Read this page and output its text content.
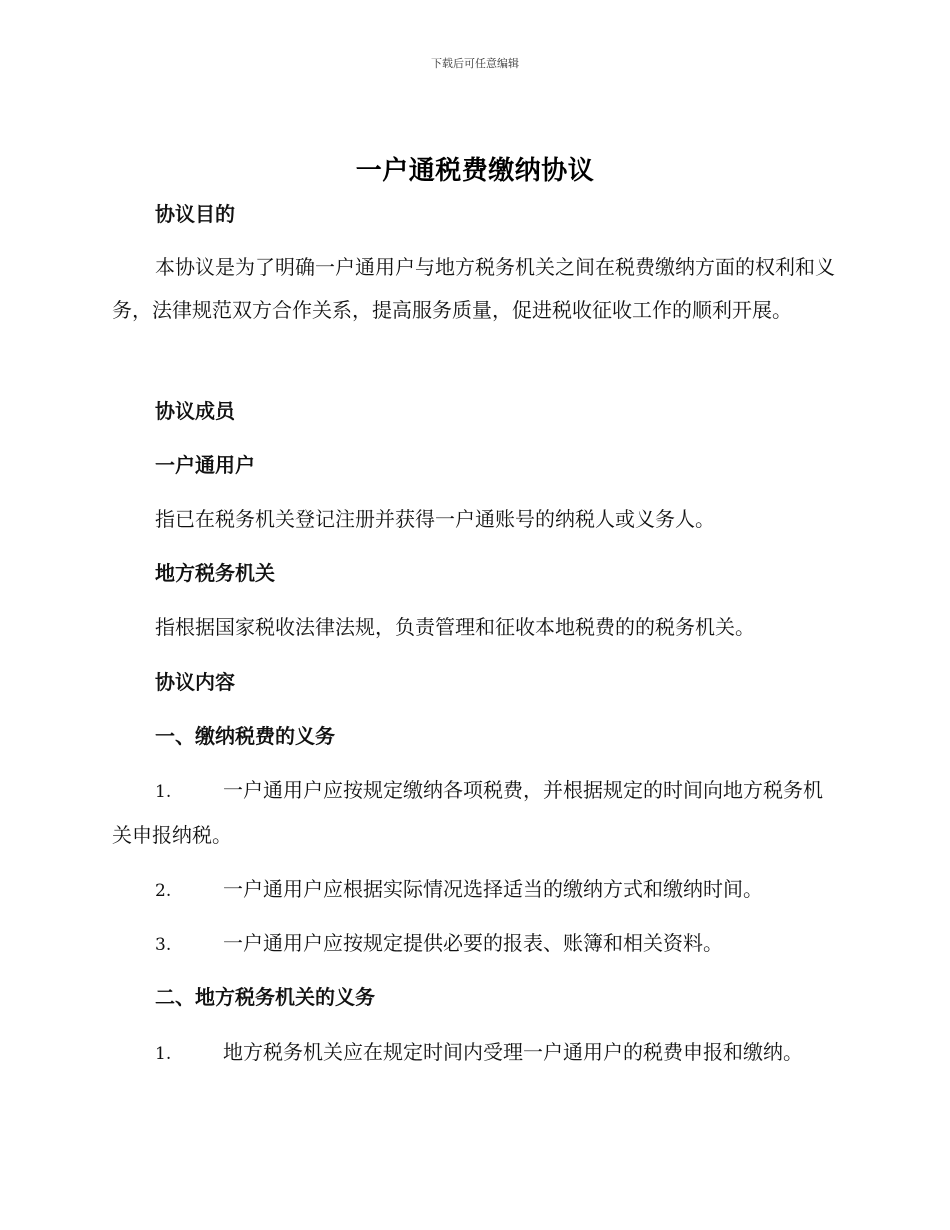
下载后可任意编辑
一户通税费缴纳协议
协议目的
本协议是为了明确一户通用户与地方税务机关之间在税费缴纳方面的权利和义务，法律规范双方合作关系，提高服务质量，促进税收征收工作的顺利开展。
协议成员
一户通用户
指已在税务机关登记注册并获得一户通账号的纳税人或义务人。
地方税务机关
指根据国家税收法律法规，负责管理和征收本地税费的的税务机关。
协议内容
一、缴纳税费的义务
1.	一户通用户应按规定缴纳各项税费，并根据规定的时间向地方税务机关申报纳税。
2.	一户通用户应根据实际情况选择适当的缴纳方式和缴纳时间。
3.	一户通用户应按规定提供必要的报表、账簿和相关资料。
二、地方税务机关的义务
1.	地方税务机关应在规定时间内受理一户通用户的税费申报和缴纳。
